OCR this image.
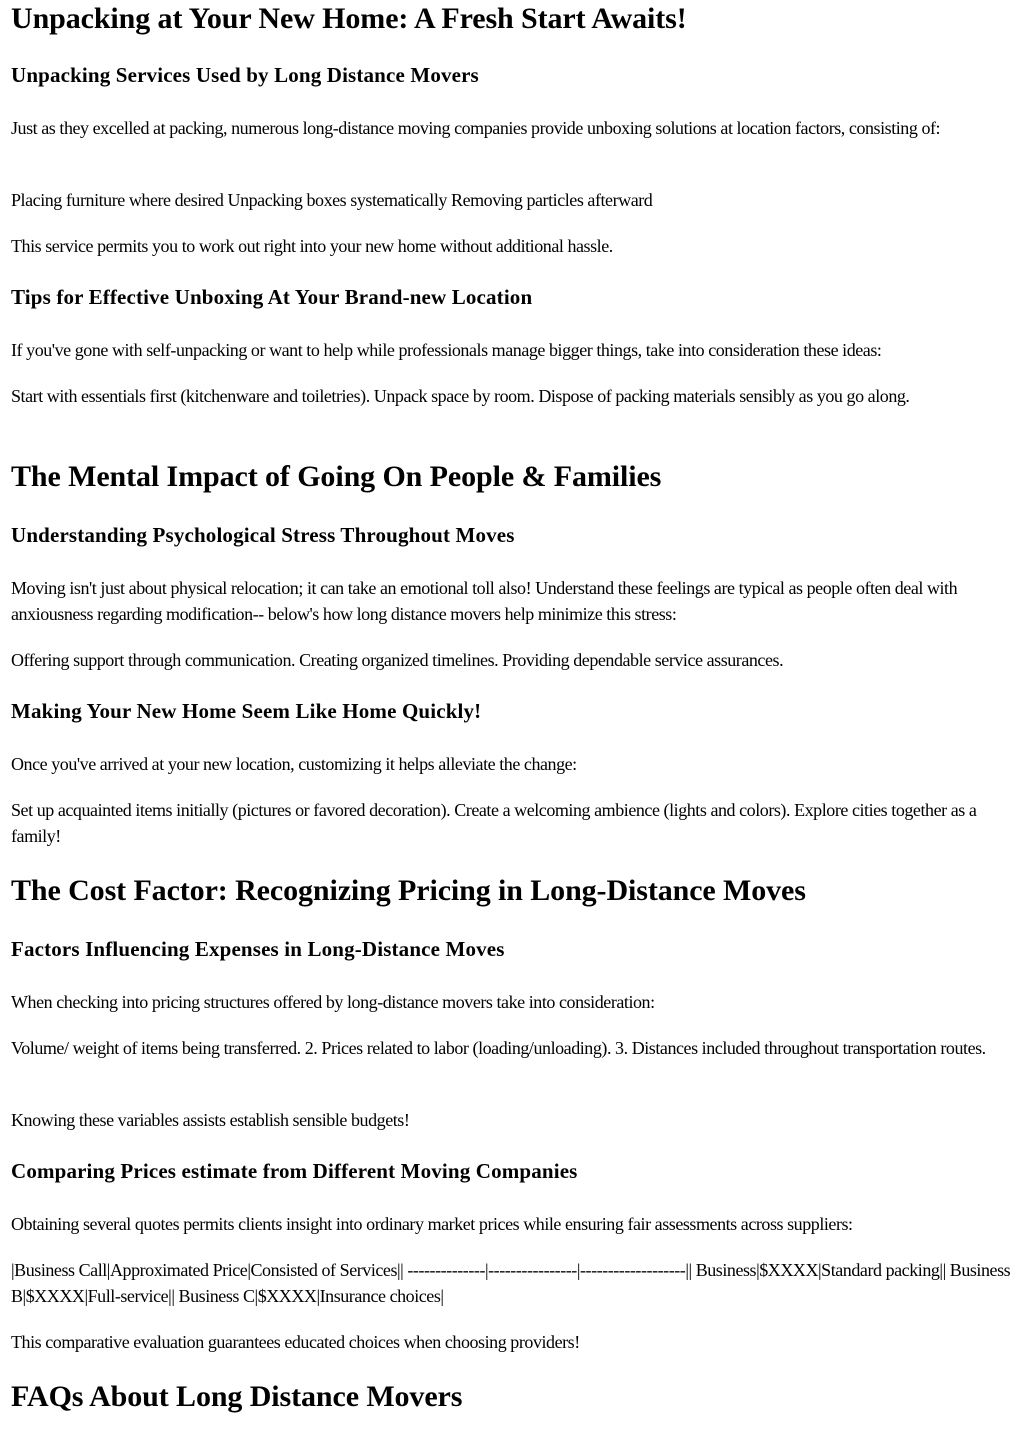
Unpacking at Your New Home: A Fresh Start Awaits!
Unpacking Services Used by Long Distance Movers

Just as they excelled at packing, numerous long-distance moving companies provide unboxing solutions at location factors, consisting of:

Placing furniture where desired Unpacking boxes systematically Removing particles afterward

This service permits you to work out right into your new home without additional hassle.

Tips for Effective Unboxing At Your Brand-new Location

If you've gone with self-unpacking or want to help while professionals manage bigger things, take into consideration these ideas:

Start with essentials first (kitchenware and toiletries). Unpack space by room. Dispose of packing materials sensibly as you go along.

The Mental Impact of Going On People & Families
Understanding Psychological Stress Throughout Moves

Moving isn't just about physical relocation; it can take an emotional toll also! Understand these feelings are typical as people often deal with anxiousness regarding modification-- below's how long distance movers help minimize this stress:

Offering support through communication. Creating organized timelines. Providing dependable service assurances.

Making Your New Home Seem Like Home Quickly!

Once you've arrived at your new location, customizing it helps alleviate the change:

Set up acquainted items initially (pictures or favored decoration). Create a welcoming ambience (lights and colors). Explore cities together as a family!

The Cost Factor: Recognizing Pricing in Long-Distance Moves
Factors Influencing Expenses in Long-Distance Moves

When checking into pricing structures offered by long-distance movers take into consideration:

Volume/ weight of items being transferred. 2. Prices related to labor (loading/unloading). 3. Distances included throughout transportation routes.

Knowing these variables assists establish sensible budgets!

Comparing Prices estimate from Different Moving Companies

Obtaining several quotes permits clients insight into ordinary market prices while ensuring fair assessments across suppliers:

|Business Call|Approximated Price|Consisted of Services|| --------------|----------------|-------------------|| Business|$XXXX|Standard packing|| Business B|$XXXX|Full-service|| Business C|$XXXX|Insurance choices|

This comparative evaluation guarantees educated choices when choosing providers!

FAQs About Long Distance Movers
